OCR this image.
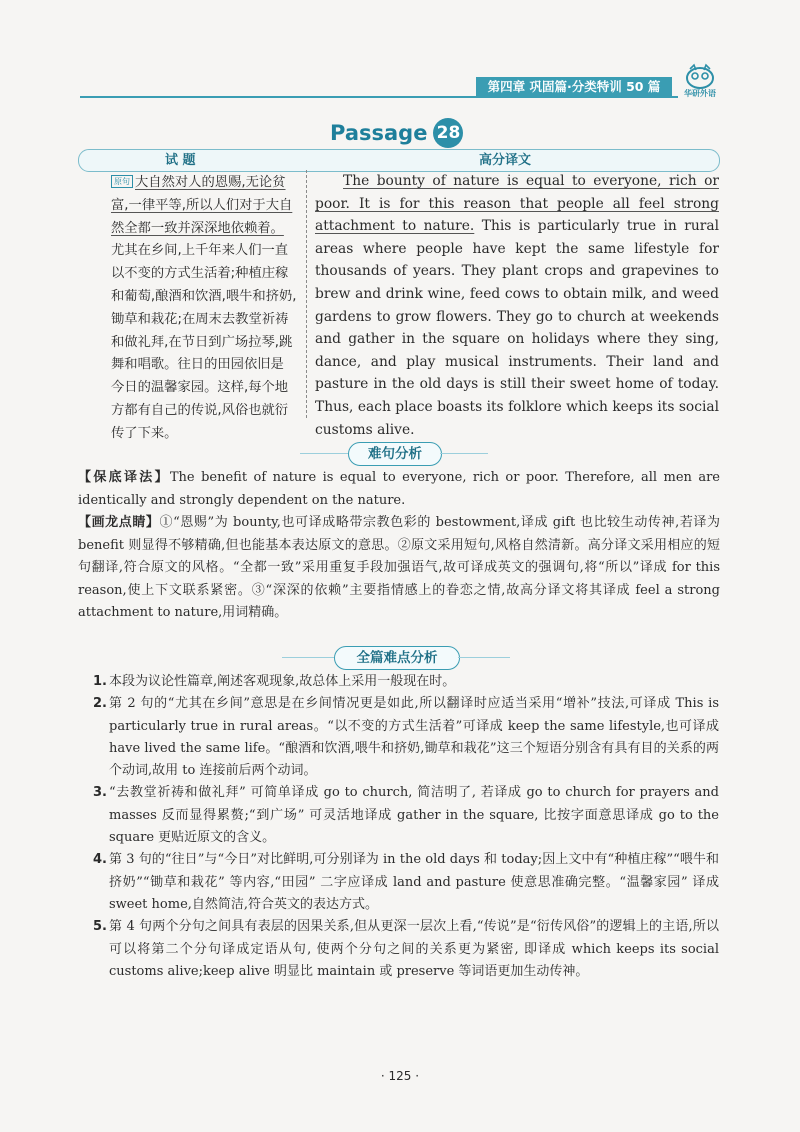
第四章 巩固篇·分类特训 50 篇	华研外语
Passage 28
试 题	高分译文
原句 大自然对人的恩赐,无论贫富,一律平等,所以人们对于大自然全都一致并深深地依赖着。尤其在乡间,上千年来人们一直以不变的方式生活着;种植庄稼和葡萄,酿酒和饮酒,喂牛和挤奶,锄草和栽花;在周末去教堂祈祷和做礼拜,在节日到广场拉琴,跳舞和唱歌。往日的田园依旧是今日的温馨家园。这样,每个地方都有自己的传说,风俗也就衍传了下来。
The bounty of nature is equal to everyone, rich or poor. It is for this reason that people all feel strong attachment to nature. This is particularly true in rural areas where people have kept the same lifestyle for thousands of years. They plant crops and grapevines to brew and drink wine, feed cows to obtain milk, and weed gardens to grow flowers. They go to church at weekends and gather in the square on holidays where they sing, dance, and play musical instruments. Their land and pasture in the old days is still their sweet home of today. Thus, each place boasts its folklore which keeps its social customs alive.
难句分析
【保底译法】The benefit of nature is equal to everyone, rich or poor. Therefore, all men are identically and strongly dependent on the nature.
【画龙点睛】①“恩赐”为 bounty,也可译成略带宗教色彩的 bestowment,译成 gift 也比较生动传神,若译为 benefit 则显得不够精确,但也能基本表达原文的意思。②原文采用短句,风格自然清新。高分译文采用相应的短句翻译,符合原文的风格。“全都一致”采用重复手段加强语气,故可译成英文的强调句,将“所以”译成 for this reason,使上下文联系紧密。③“深深的依赖”主要指情感上的眷恋之情,故高分译文将其译成 feel a strong attachment to nature,用词精确。
全篇难点分析
1. 本段为议论性篇章,阐述客观现象,故总体上采用一般现在时。
2. 第 2 句的“尤其在乡间”意思是在乡间情况更是如此,所以翻译时应适当采用“增补”技法,可译成 This is particularly true in rural areas。“以不变的方式生活着”可译成 keep the same lifestyle,也可译成 have lived the same life。“酿酒和饮酒,喂牛和挤奶,锄草和栽花”这三个短语分别含有具有目的关系的两个动词,故用 to 连接前后两个动词。
3. “去教堂祈祷和做礼拜” 可简单译成 go to church, 简洁明了, 若译成 go to church for prayers and masses 反而显得累赘;“到广场” 可灵活地译成 gather in the square, 比按字面意思译成 go to the square 更贴近原文的含义。
4. 第 3 句的“往日”与“今日”对比鲜明,可分别译为 in the old days 和 today;因上文中有“种植庄稼”“喂牛和挤奶”“锄草和栽花” 等内容,“田园” 二字应译成 land and pasture 使意思准确完整。“温馨家园” 译成 sweet home,自然简洁,符合英文的表达方式。
5. 第 4 句两个分句之间具有表层的因果关系,但从更深一层次上看,“传说”是“衍传风俗”的逻辑上的主语,所以可以将第二个分句译成定语从句, 使两个分句之间的关系更为紧密, 即译成 which keeps its social customs alive;keep alive 明显比 maintain 或 preserve 等词语更加生动传神。
· 125 ·
